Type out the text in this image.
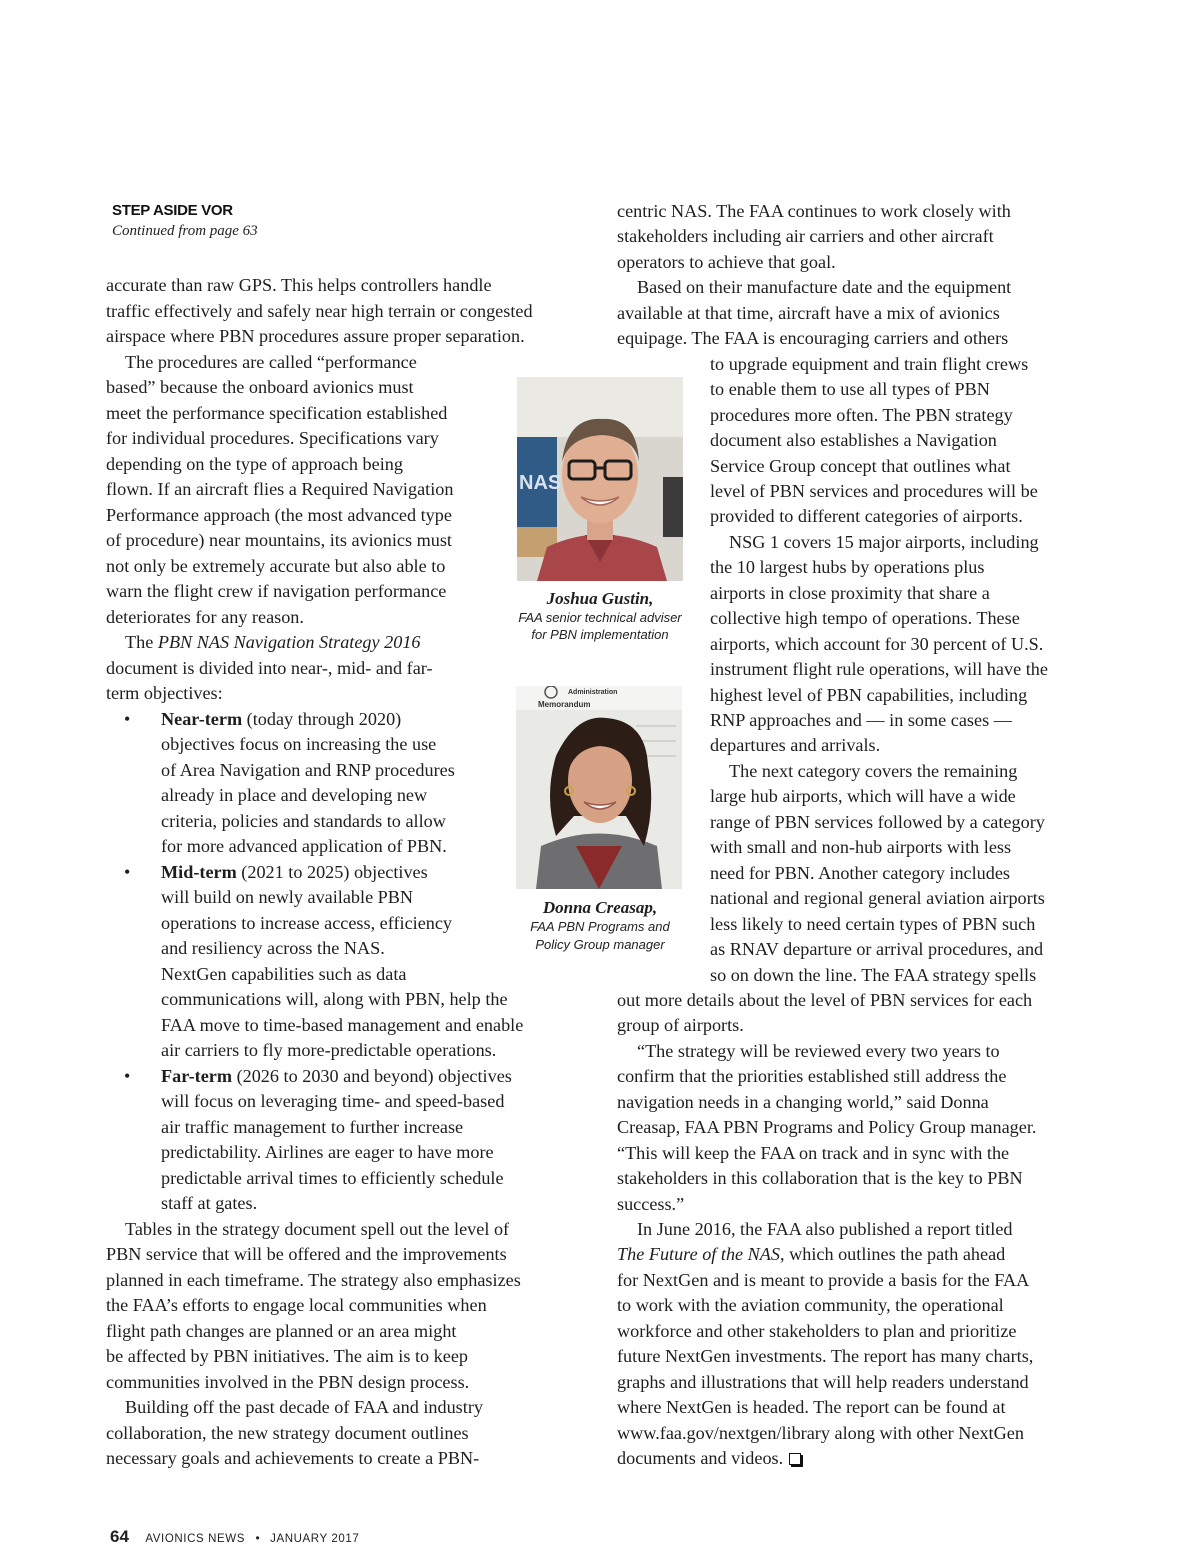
STEP ASIDE VOR
Continued from page 63
accurate than raw GPS. This helps controllers handle
traffic effectively and safely near high terrain or congested
airspace where PBN procedures assure proper separation.
The procedures are called “performance
based” because the onboard avionics must
meet the performance specification established
for individual procedures. Specifications vary
depending on the type of approach being
flown. If an aircraft flies a Required Navigation
Performance approach (the most advanced type
of procedure) near mountains, its avionics must
not only be extremely accurate but also able to
warn the flight crew if navigation performance
deteriorates for any reason.
The PBN NAS Navigation Strategy 2016
document is divided into near-, mid- and far-
term objectives:
Near-term (today through 2020)
objectives focus on increasing the use
of Area Navigation and RNP procedures
already in place and developing new
criteria, policies and standards to allow
for more advanced application of PBN.
Mid-term (2021 to 2025) objectives
will build on newly available PBN
operations to increase access, efficiency
and resiliency across the NAS.
NextGen capabilities such as data
communications will, along with PBN, help the
FAA move to time-based management and enable
air carriers to fly more-predictable operations.
Far-term (2026 to 2030 and beyond) objectives
will focus on leveraging time- and speed-based
air traffic management to further increase
predictability. Airlines are eager to have more
predictable arrival times to efficiently schedule
staff at gates.
Tables in the strategy document spell out the level of
PBN service that will be offered and the improvements
planned in each timeframe. The strategy also emphasizes
the FAA’s efforts to engage local communities when
flight path changes are planned or an area might
be affected by PBN initiatives. The aim is to keep
communities involved in the PBN design process.
Building off the past decade of FAA and industry
collaboration, the new strategy document outlines
necessary goals and achievements to create a PBN-
•
•
•
centric NAS. The FAA continues to work closely with
stakeholders including air carriers and other aircraft
operators to achieve that goal.
Based on their manufacture date and the equipment
available at that time, aircraft have a mix of avionics
equipage. The FAA is encouraging carriers and others
to upgrade equipment and train flight crews
to enable them to use all types of PBN
procedures more often. The PBN strategy
document also establishes a Navigation
Service Group concept that outlines what
level of PBN services and procedures will be
provided to different categories of airports.
NSG 1 covers 15 major airports, including
the 10 largest hubs by operations plus
airports in close proximity that share a
collective high tempo of operations. These
airports, which account for 30 percent of U.S.
instrument flight rule operations, will have the
highest level of PBN capabilities, including
RNP approaches and — in some cases —
departures and arrivals.
The next category covers the remaining
large hub airports, which will have a wide
range of PBN services followed by a category
with small and non-hub airports with less
need for PBN. Another category includes
national and regional general aviation airports
less likely to need certain types of PBN such
as RNAV departure or arrival procedures, and
so on down the line. The FAA strategy spells
out more details about the level of PBN services for each
group of airports.
“The strategy will be reviewed every two years to
confirm that the priorities established still address the
navigation needs in a changing world,” said Donna
Creasap, FAA PBN Programs and Policy Group manager.
“This will keep the FAA on track and in sync with the
stakeholders in this collaboration that is the key to PBN
success.”
In June 2016, the FAA also published a report titled
The Future of the NAS, which outlines the path ahead
for NextGen and is meant to provide a basis for the FAA
to work with the aviation community, the operational
workforce and other stakeholders to plan and prioritize
future NextGen investments. The report has many charts,
graphs and illustrations that will help readers understand
where NextGen is headed. The report can be found at
www.faa.gov/nextgen/library along with other NextGen
documents and videos.
NAS
Joshua Gustin,
FAA senior technical adviser
for PBN implementation
Administration
Memorandum
Donna Creasap,
FAA PBN Programs and
Policy Group manager
64 AVIONICS NEWS • JANUARY 2017
